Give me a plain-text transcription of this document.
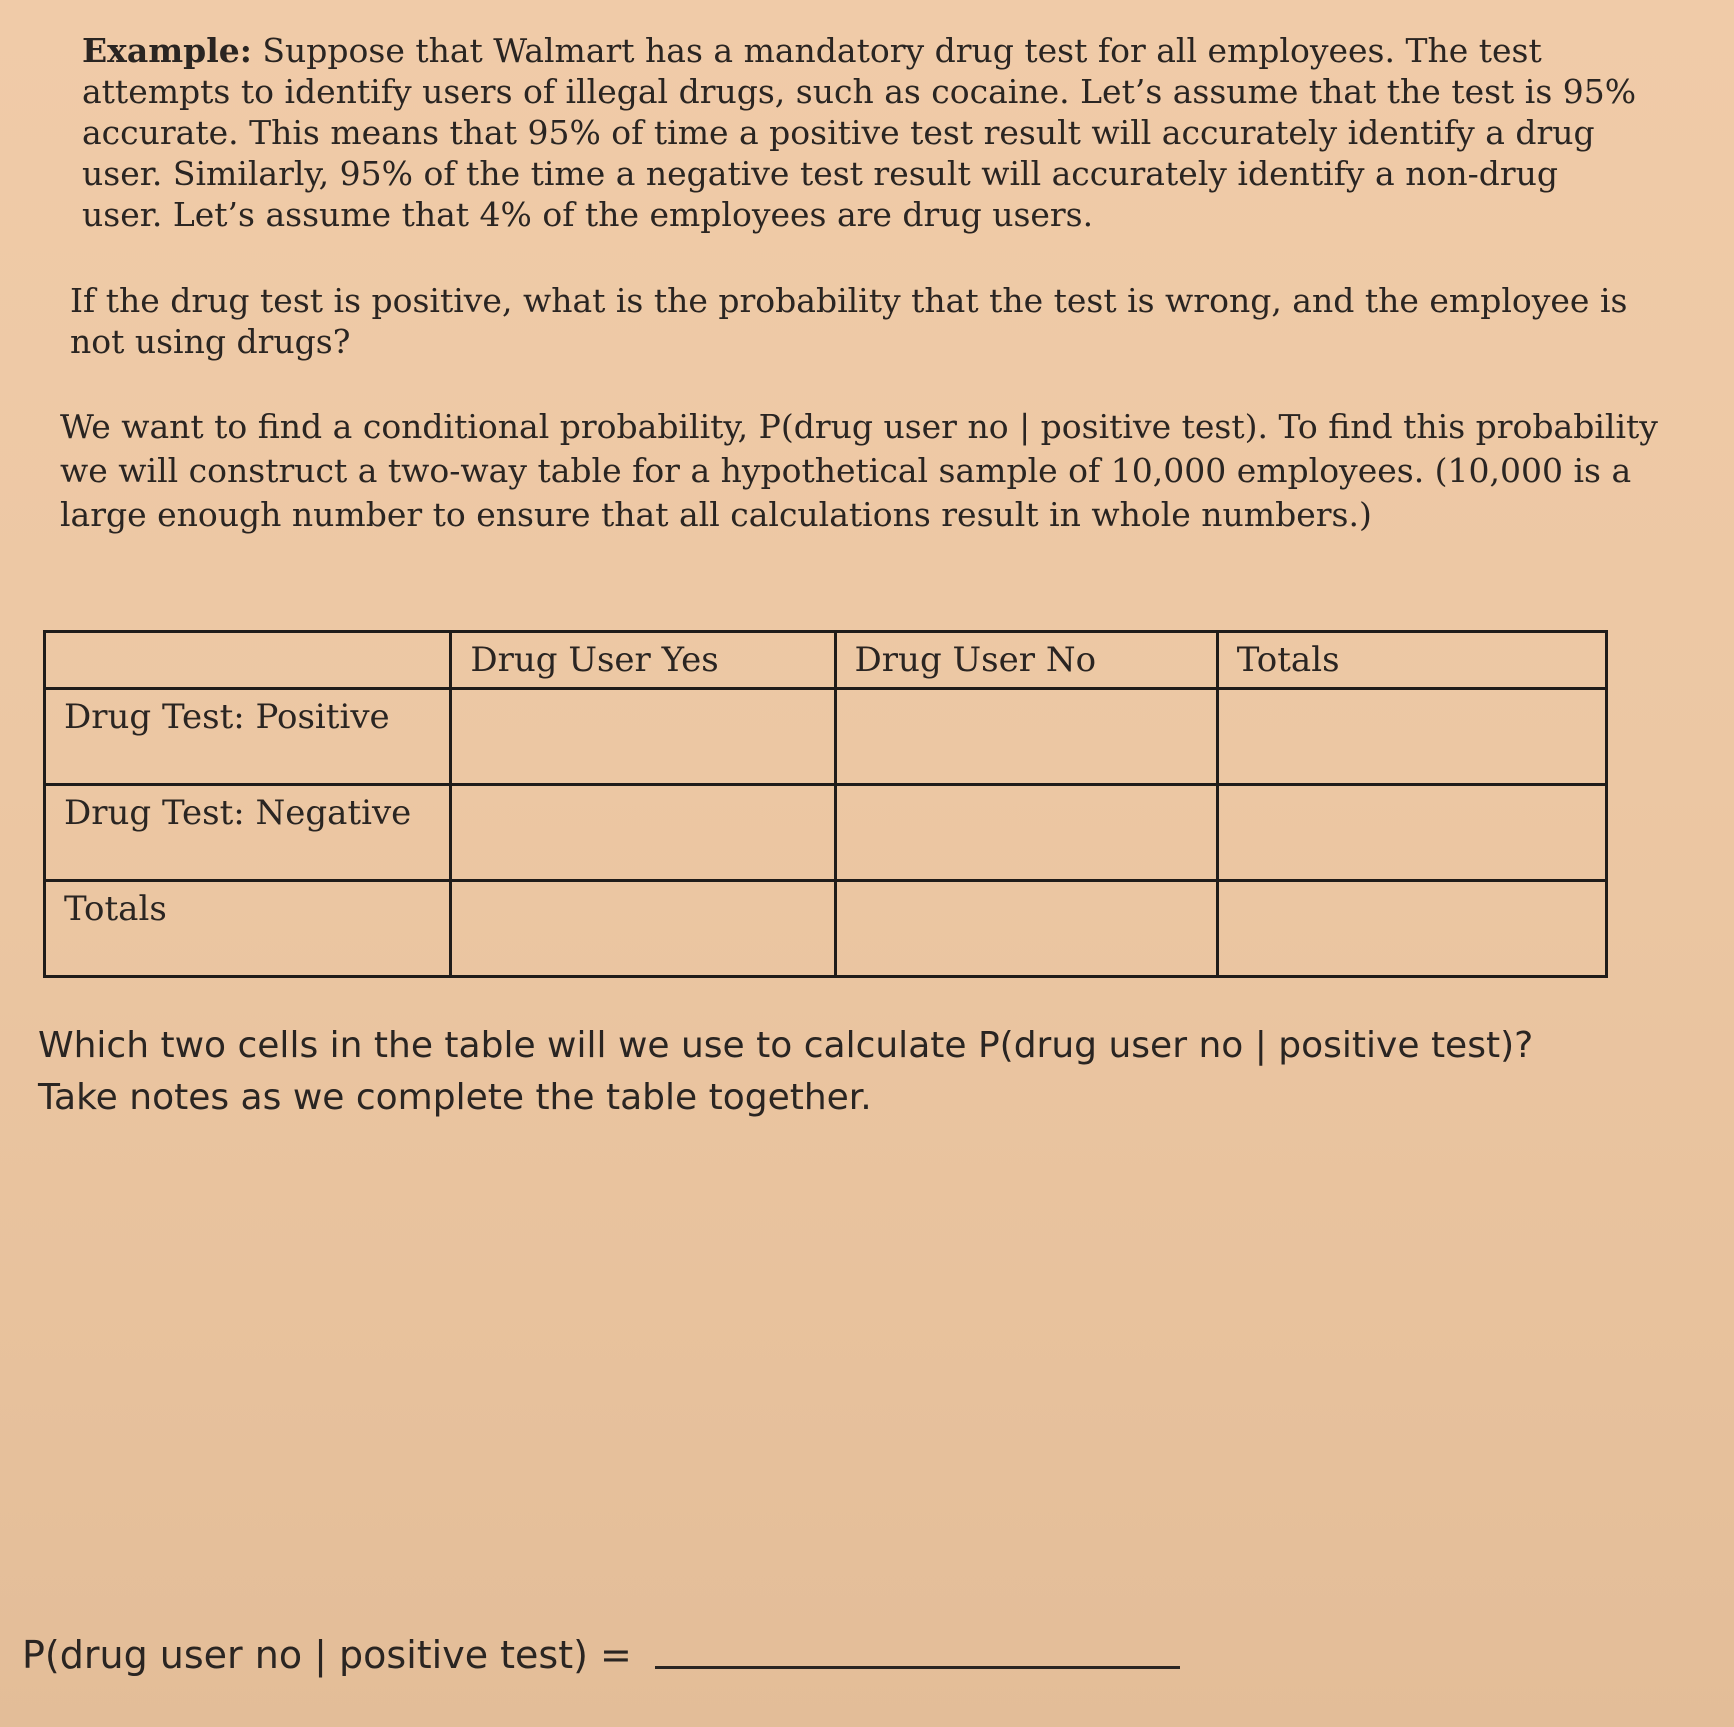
Example: Suppose that Walmart has a mandatory drug test for all employees. The test attempts to identify users of illegal drugs, such as cocaine. Let’s assume that the test is 95% accurate. This means that 95% of time a positive test result will accurately identify a drug user. Similarly, 95% of the time a negative test result will accurately identify a non-drug user. Let’s assume that 4% of the employees are drug users.

If the drug test is positive, what is the probability that the test is wrong, and the employee is not using drugs?

We want to find a conditional probability, P(drug user no | positive test). To find this probability we will construct a two-way table for a hypothetical sample of 10,000 employees. (10,000 is a large enough number to ensure that all calculations result in whole numbers.)

	Drug User Yes	Drug User No	Totals
Drug Test: Positive			
Drug Test: Negative			
Totals			

Which two cells in the table will we use to calculate P(drug user no | positive test)?
Take notes as we complete the table together.

P(drug user no | positive test) =
